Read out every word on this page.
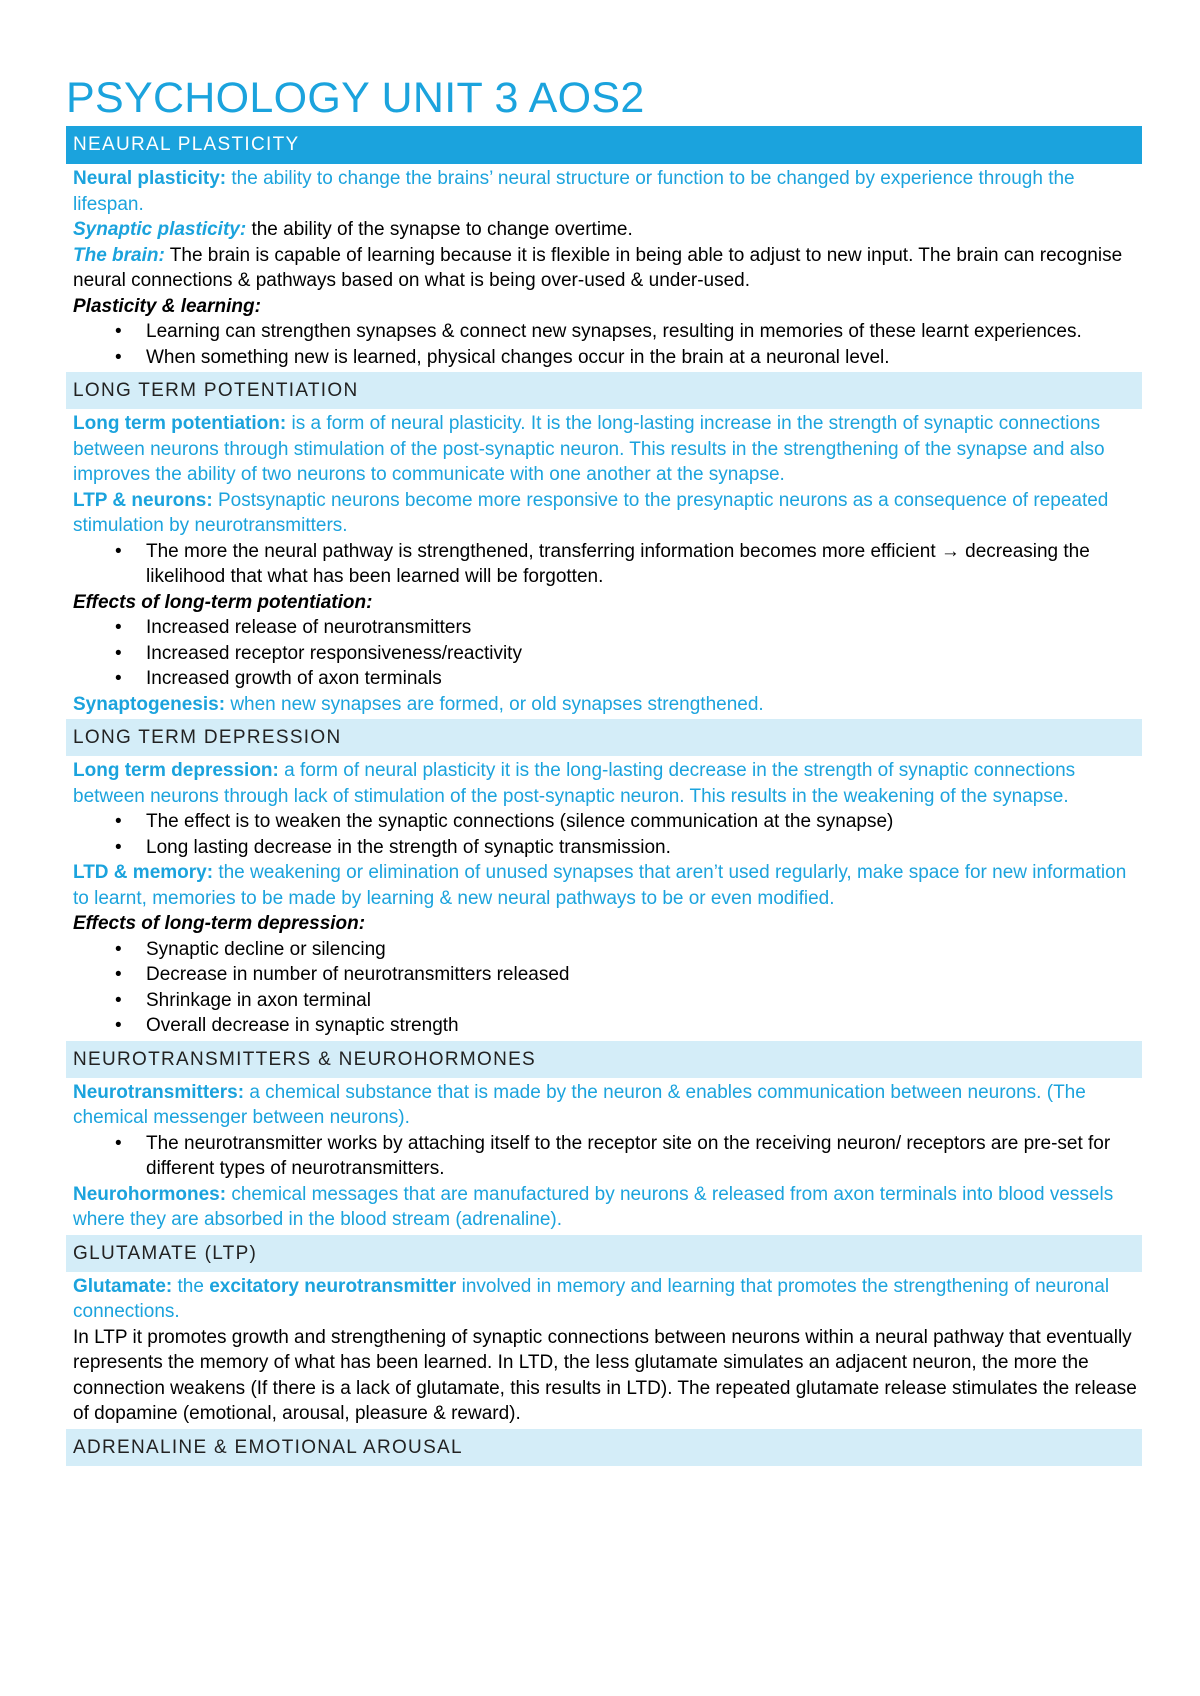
PSYCHOLOGY UNIT 3 AOS2
NEAURAL PLASTICITY

Neural plasticity: the ability to change the brains’ neural structure or function to be changed by experience through the lifespan.

Synaptic plasticity: the ability of the synapse to change overtime.

The brain: The brain is capable of learning because it is flexible in being able to adjust to new input. The brain can recognise neural connections & pathways based on what is being over-used & under-used.

Plasticity & learning:

• Learning can strengthen synapses & connect new synapses, resulting in memories of these learnt experiences.
• When something new is learned, physical changes occur in the brain at a neuronal level.
LONG TERM POTENTIATION

Long term potentiation: is a form of neural plasticity. It is the long-lasting increase in the strength of synaptic connections between neurons through stimulation of the post-synaptic neuron. This results in the strengthening of the synapse and also improves the ability of two neurons to communicate with one another at the synapse.

LTP & neurons: Postsynaptic neurons become more responsive to the presynaptic neurons as a consequence of repeated stimulation by neurotransmitters.

• The more the neural pathway is strengthened, transferring information becomes more efficient → decreasing the likelihood that what has been learned will be forgotten.

Effects of long-term potentiation:

• Increased release of neurotransmitters
• Increased receptor responsiveness/reactivity
• Increased growth of axon terminals

Synaptogenesis: when new synapses are formed, or old synapses strengthened.

LONG TERM DEPRESSION

Long term depression: a form of neural plasticity it is the long-lasting decrease in the strength of synaptic connections between neurons through lack of stimulation of the post-synaptic neuron. This results in the weakening of the synapse.

• The effect is to weaken the synaptic connections (silence communication at the synapse)
• Long lasting decrease in the strength of synaptic transmission.

LTD & memory: the weakening or elimination of unused synapses that aren’t used regularly, make space for new information to learnt, memories to be made by learning & new neural pathways to be or even modified.

Effects of long-term depression:

• Synaptic decline or silencing
• Decrease in number of neurotransmitters released
• Shrinkage in axon terminal
• Overall decrease in synaptic strength
NEUROTRANSMITTERS & NEUROHORMONES

Neurotransmitters: a chemical substance that is made by the neuron & enables communication between neurons. (The chemical messenger between neurons).

• The neurotransmitter works by attaching itself to the receptor site on the receiving neuron/ receptors are pre-set for different types of neurotransmitters.

Neurohormones: chemical messages that are manufactured by neurons & released from axon terminals into blood vessels where they are absorbed in the blood stream (adrenaline).

GLUTAMATE (LTP)

Glutamate: the excitatory neurotransmitter involved in memory and learning that promotes the strengthening of neuronal connections.

In LTP it promotes growth and strengthening of synaptic connections between neurons within a neural pathway that eventually represents the memory of what has been learned. In LTD, the less glutamate simulates an adjacent neuron, the more the connection weakens (If there is a lack of glutamate, this results in LTD). The repeated glutamate release stimulates the release of dopamine (emotional, arousal, pleasure & reward).

ADRENALINE & EMOTIONAL AROUSAL
